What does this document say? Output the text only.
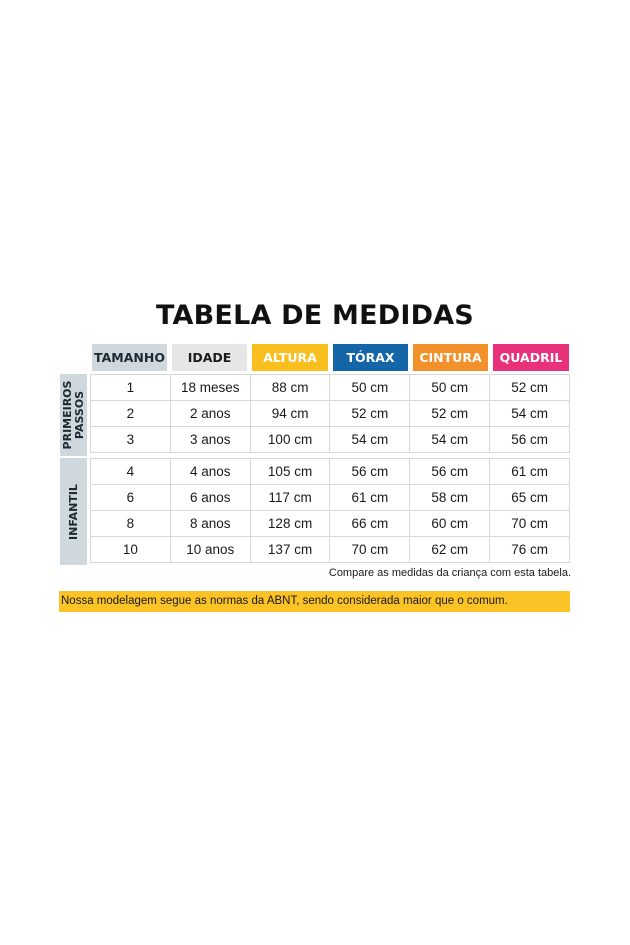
TABELA DE MEDIDAS
TAMANHO	IDADE	ALTURA	TÓRAX	CINTURA	QUADRIL
PRIMEIROS
PASSOS
1	18 meses	88 cm	50 cm	50 cm	52 cm
2	2 anos	94 cm	52 cm	52 cm	54 cm
3	3 anos	100 cm	54 cm	54 cm	56 cm
INFANTIL
4	4 anos	105 cm	56 cm	56 cm	61 cm
6	6 anos	117 cm	61 cm	58 cm	65 cm
8	8 anos	128 cm	66 cm	60 cm	70 cm
10	10 anos	137 cm	70 cm	62 cm	76 cm
Compare as medidas da criança com esta tabela.
Nossa modelagem segue as normas da ABNT, sendo considerada maior que o comum.
